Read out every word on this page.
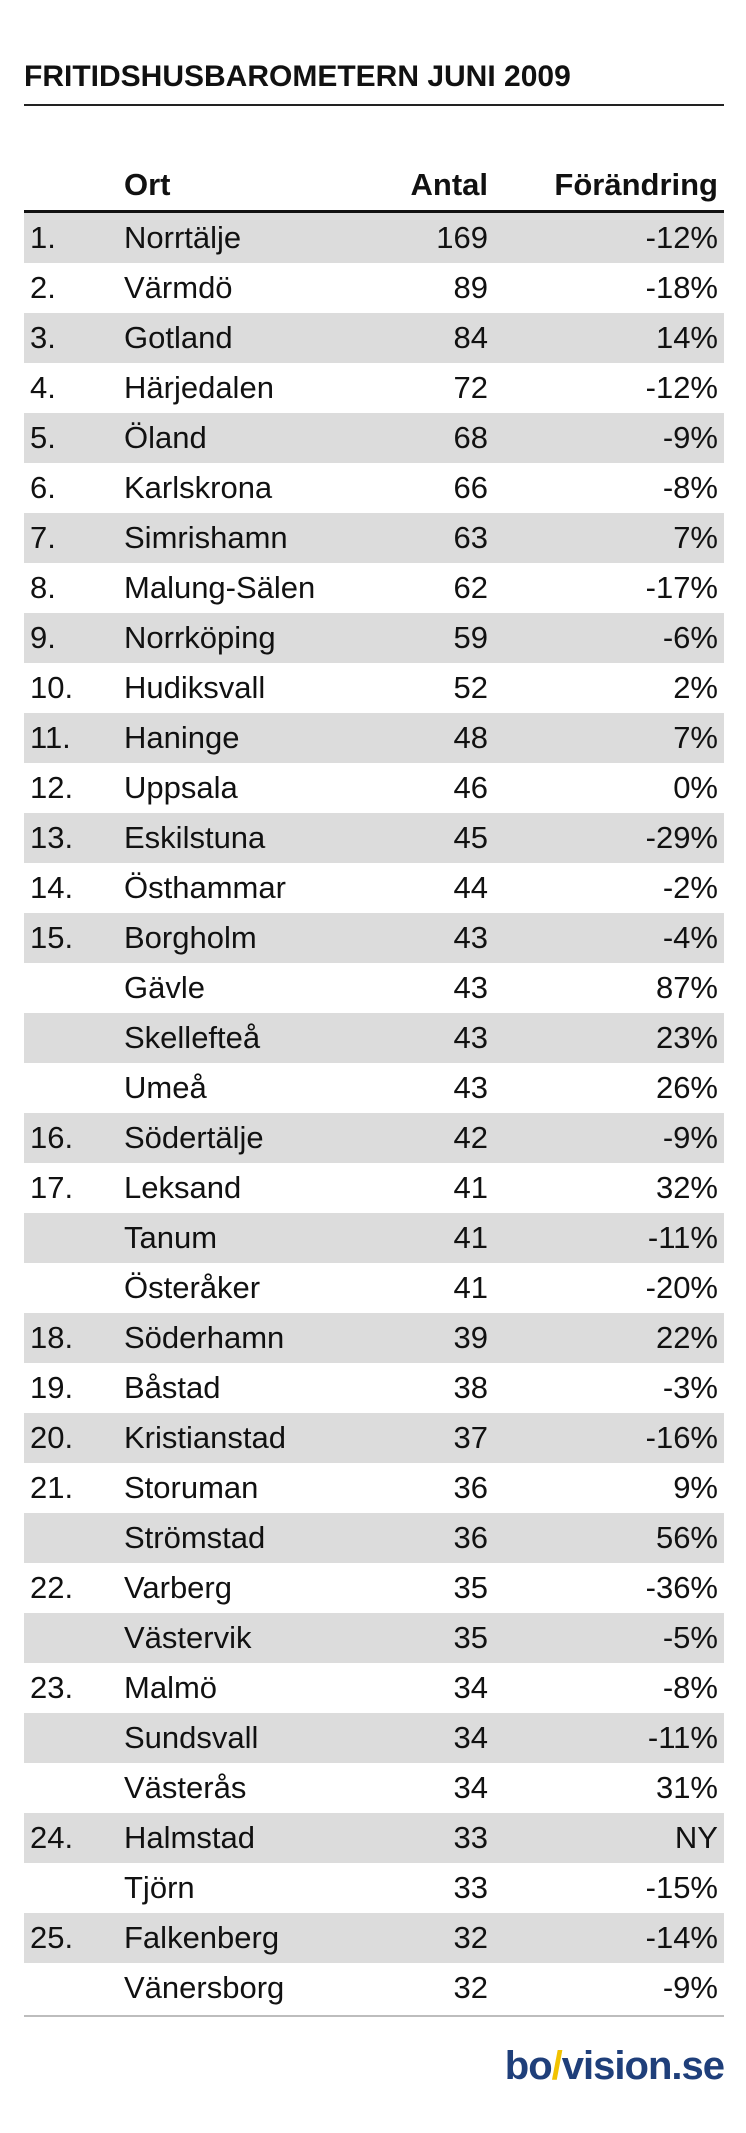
FRITIDSHUSBAROMETERN JUNI 2009
Ort	Antal	Förändring
1.	Norrtälje	169	-12%
2.	Värmdö	89	-18%
3.	Gotland	84	14%
4.	Härjedalen	72	-12%
5.	Öland	68	-9%
6.	Karlskrona	66	-8%
7.	Simrishamn	63	7%
8.	Malung-Sälen	62	-17%
9.	Norrköping	59	-6%
10.	Hudiksvall	52	2%
11.	Haninge	48	7%
12.	Uppsala	46	0%
13.	Eskilstuna	45	-29%
14.	Östhammar	44	-2%
15.	Borgholm	43	-4%
Gävle	43	87%
Skellefteå	43	23%
Umeå	43	26%
16.	Södertälje	42	-9%
17.	Leksand	41	32%
Tanum	41	-11%
Österåker	41	-20%
18.	Söderhamn	39	22%
19.	Båstad	38	-3%
20.	Kristianstad	37	-16%
21.	Storuman	36	9%
Strömstad	36	56%
22.	Varberg	35	-36%
Västervik	35	-5%
23.	Malmö	34	-8%
Sundsvall	34	-11%
Västerås	34	31%
24.	Halmstad	33	NY
Tjörn	33	-15%
25.	Falkenberg	32	-14%
Vänersborg	32	-9%
bo/vision.se
